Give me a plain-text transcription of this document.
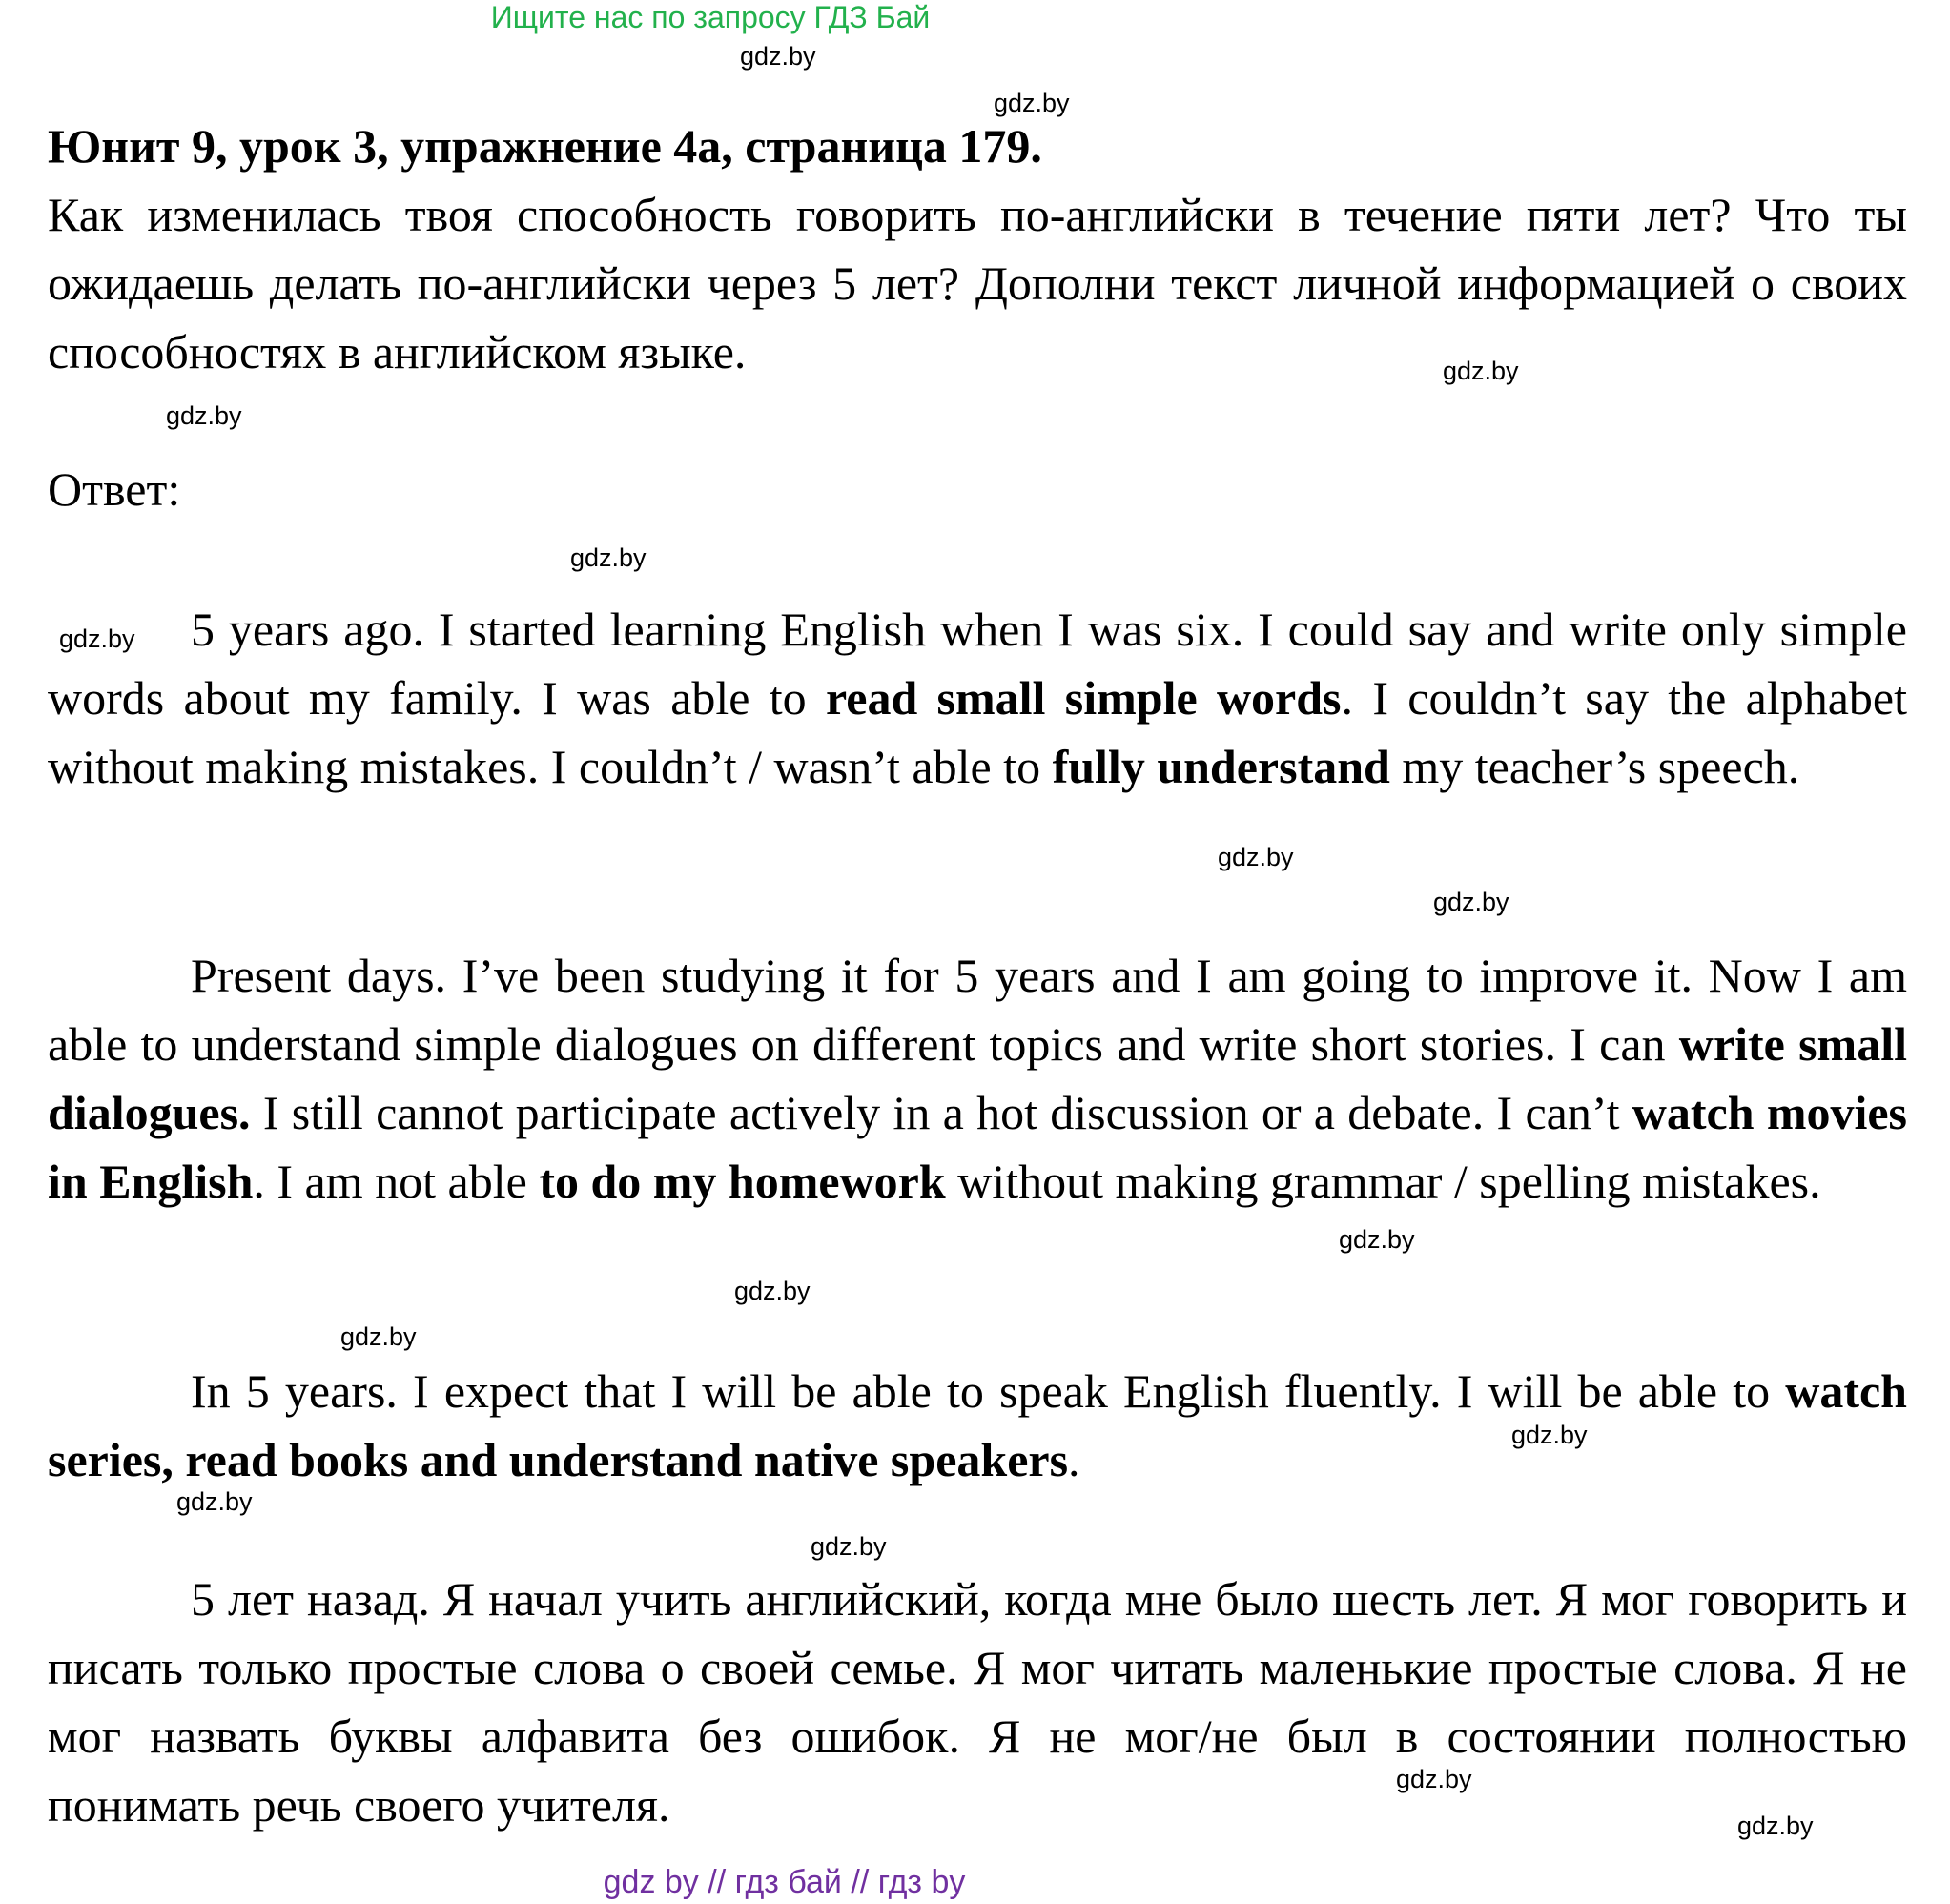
Ищите нас по запросу ГДЗ Бай
gdz.by
gdz.by
gdz.by
gdz.by
gdz.by
gdz.by
gdz.by
gdz.by
gdz.by
gdz.by
gdz.by
gdz.by
gdz.by
gdz.by
gdz.by
gdz.by
Юнит 9, урок 3, упражнение 4а, страница 179.
Как изменилась твоя способность говорить по-английски в течение пяти лет? Что ты ожидаешь делать по-английски через 5 лет? Дополни текст личной информацией о своих способностях в английском языке.
Ответ:
5 years ago. I started learning English when I was six. I could say and write only simple words about my family. I was able to read small simple words. I couldn’t say the alphabet without making mistakes. I couldn’t / wasn’t able to fully understand my teacher’s speech.
Present days. I’ve been studying it for 5 years and I am going to improve it. Now I am able to understand simple dialogues on different topics and write short stories. I can write small dialogues. I still cannot participate actively in a hot discussion or a debate. I can’t watch movies in English. I am not able to do my homework without making grammar / spelling mistakes.
In 5 years. I expect that I will be able to speak English fluently. I will be able to watch series, read books and understand native speakers.
5 лет назад. Я начал учить английский, когда мне было шесть лет. Я мог говорить и писать только простые слова о своей семье. Я мог читать маленькие простые слова. Я не мог назвать буквы алфавита без ошибок. Я не мог/не был в состоянии полностью понимать речь своего учителя.
gdz by // гдз бай // гдз by
